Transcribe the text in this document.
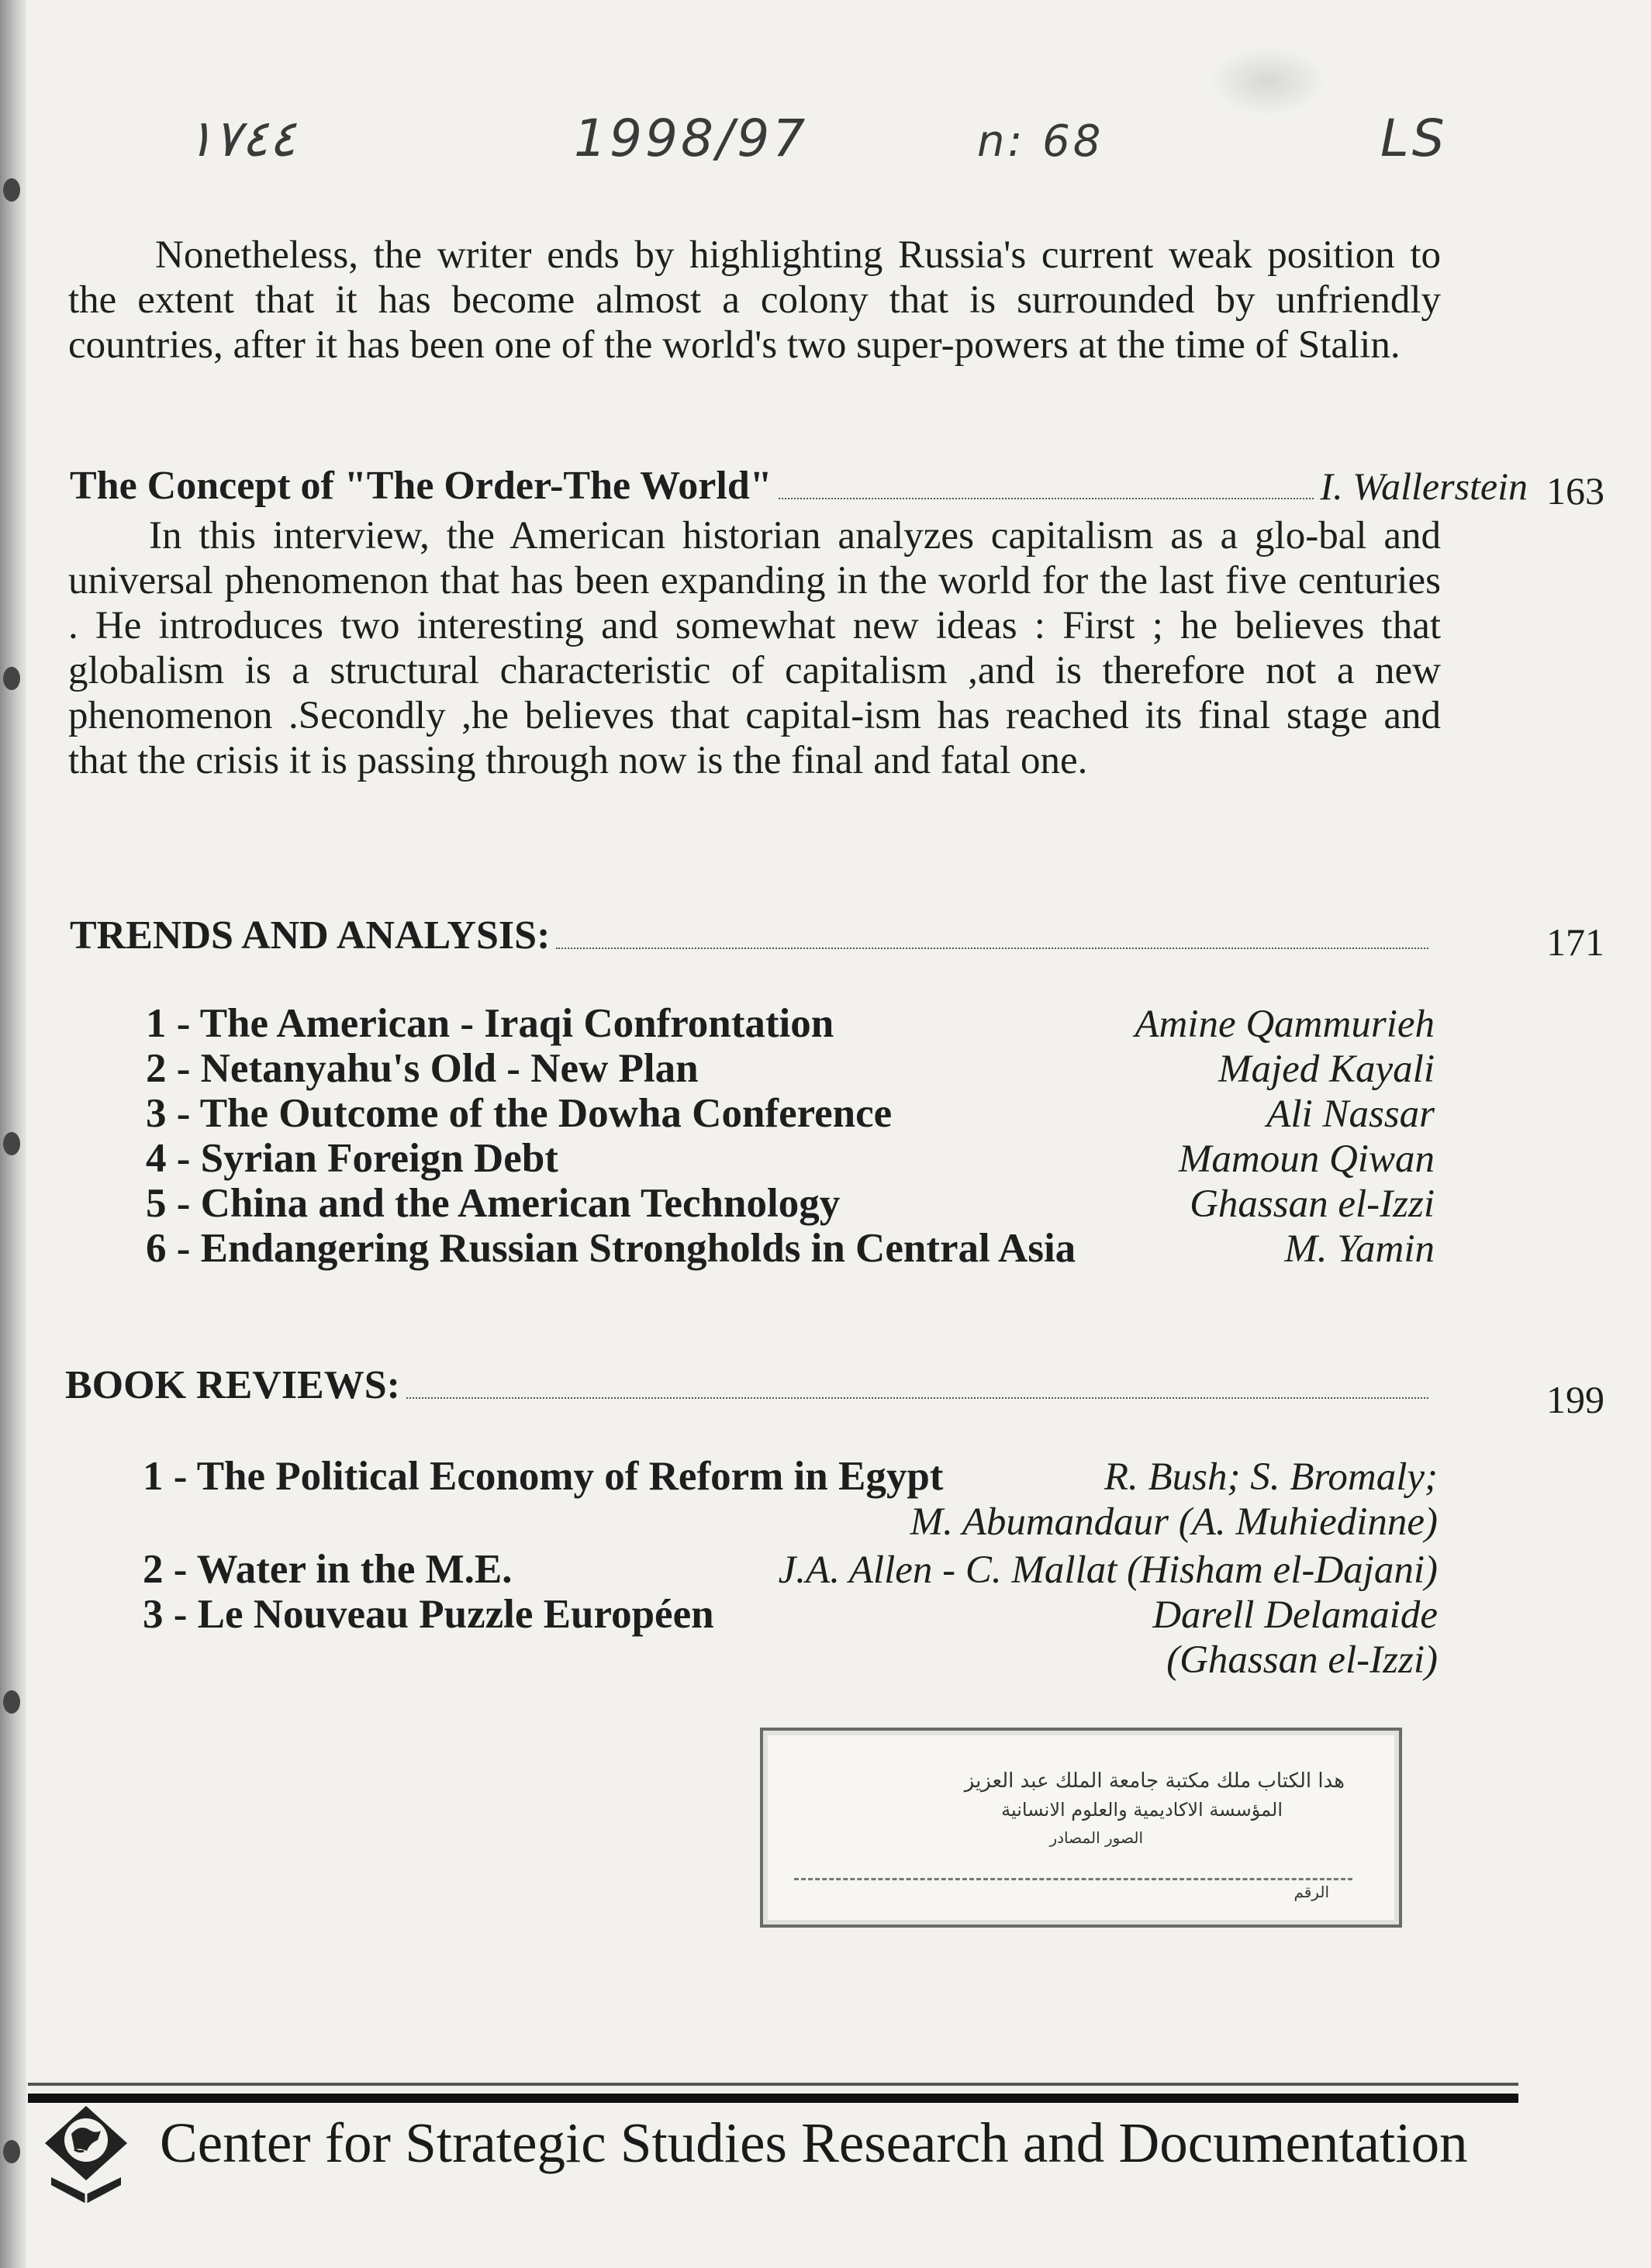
١٧٤٤	1998/97	n: 68	LS

Nonetheless, the writer ends by highlighting Russia's current weak position to the extent that it has become almost a colony that is surrounded by unfriendly countries, after it has been one of the world's two super-powers at the time of Stalin.

The Concept of "The Order-The World"	I. Wallerstein 163

In this interview, the American historian analyzes capitalism as a glo-bal and universal phenomenon that has been expanding in the world for the last five centuries . He introduces two interesting and somewhat new ideas : First ; he believes that globalism is a structural characteristic of capitalism ,and is therefore not a new phenomenon .Secondly ,he believes that capital-ism has reached its final stage and that the crisis it is passing through now is the final and fatal one.

TRENDS AND ANALYSIS:	171
1 - The American - Iraqi Confrontation	Amine Qammurieh
2 - Netanyahu's Old - New Plan	Majed Kayali
3 - The Outcome of the Dowha Conference	Ali Nassar
4 - Syrian Foreign Debt	Mamoun Qiwan
5 - China and the American Technology	Ghassan el-Izzi
6 - Endangering Russian Strongholds in Central Asia	M. Yamin
BOOK REVIEWS:	199
1 - The Political Economy of Reform in Egypt	R. Bush; S. Bromaly;
M. Abumandaur (A. Muhiedinne)
2 - Water in the M.E.	J.A. Allen - C. Mallat (Hisham el-Dajani)
3 - Le Nouveau Puzzle Européen	Darell Delamaide
(Ghassan el-Izzi)
هدا الكتاب ملك مكتبة جامعة الملك عبد العزيز
المؤسسة الاكاديمية والعلوم الانسانية
الصور المصادر
الرقم
Center for Strategic Studies Research and Documentation
